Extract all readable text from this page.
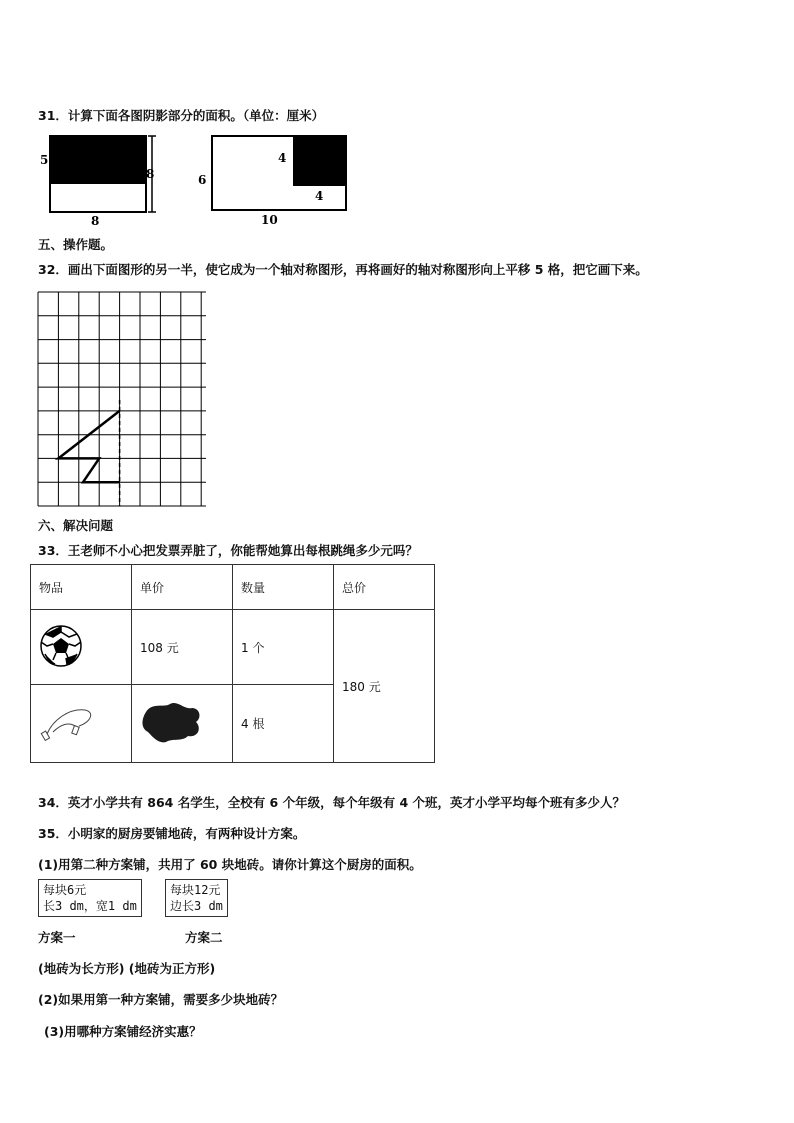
31．计算下面各图阴影部分的面积。（单位：厘米）
5
8
8
6
4
4
10
五、操作题。
32．画出下面图形的另一半，使它成为一个轴对称图形，再将画好的轴对称图形向上平移 5 格，把它画下来。
六、解决问题
33．王老师不小心把发票弄脏了，你能帮她算出每根跳绳多少元吗？
物品	单价	数量	总价
	108 元	1 个	180 元
		4 根	
34．英才小学共有 864 名学生，全校有 6 个年级，每个年级有 4 个班，英才小学平均每个班有多少人？
35．小明家的厨房要铺地砖，有两种设计方案。
(1)用第二种方案铺，共用了 60 块地砖。请你计算这个厨房的面积。
每块6元
长3 dm，宽1 dm
每块12元
边长3 dm
方案一	方案二
(地砖为长方形) (地砖为正方形)
(2)如果用第一种方案铺，需要多少块地砖？
(3)用哪种方案铺经济实惠？
